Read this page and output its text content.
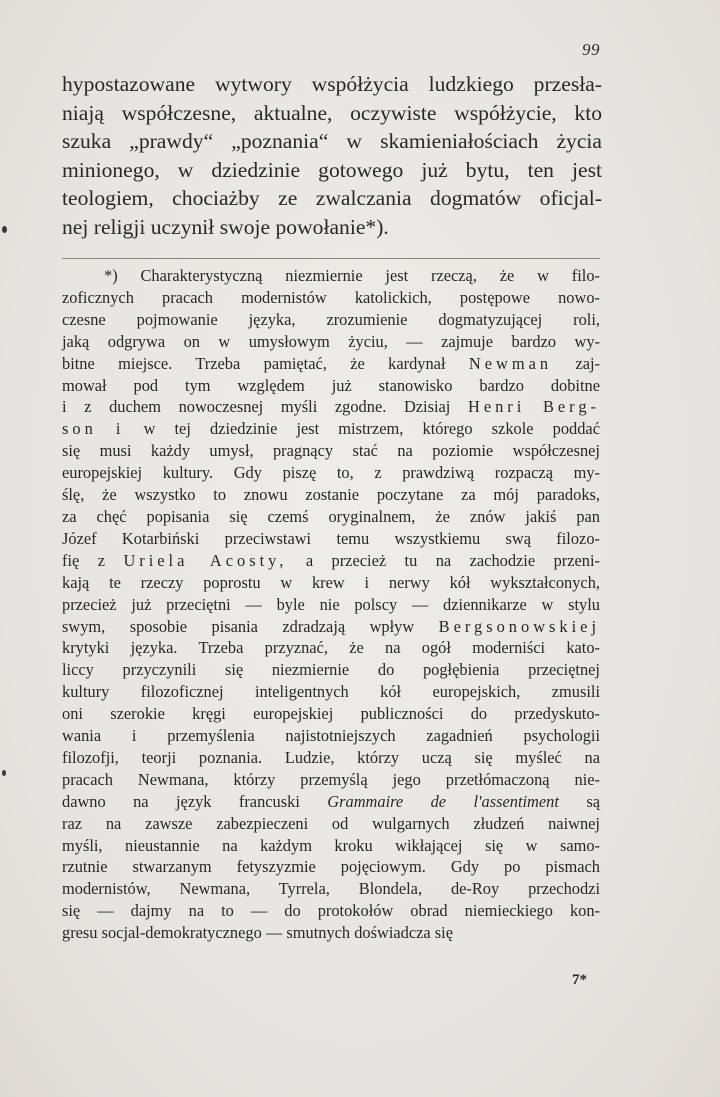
99
hypostazowane wytwory współżycia ludzkiego przesła-
niają współczesne, aktualne, oczywiste współżycie, kto
szuka „prawdy“ „poznania“ w skamieniałościach życia
minionego, w dziedzinie gotowego już bytu, ten jest
teologiem, chociażby ze zwalczania dogmatów oficjal-
nej religji uczynił swoje powołanie*).
*) Charakterystyczną niezmiernie jest rzeczą, że w filo-
zoficznych pracach modernistów katolickich, postępowe nowo-
czesne pojmowanie języka, zrozumienie dogmatyzującej roli,
jaką odgrywa on w umysłowym życiu, — zajmuje bardzo wy-
bitne miejsce. Trzeba pamiętać, że kardynał Newman zaj-
mował pod tym względem już stanowisko bardzo dobitne
i z duchem nowoczesnej myśli zgodne. Dzisiaj Henri Berg-
son i w tej dziedzinie jest mistrzem, którego szkole poddać
się musi każdy umysł, pragnący stać na poziomie współczesnej
europejskiej kultury. Gdy piszę to, z prawdziwą rozpaczą my-
ślę, że wszystko to znowu zostanie poczytane za mój paradoks,
za chęć popisania się czemś oryginalnem, że znów jakiś pan
Józef Kotarbiński przeciwstawi temu wszystkiemu swą filozo-
fię z Uriela Acosty, a przecież tu na zachodzie przeni-
kają te rzeczy poprostu w krew i nerwy kół wykształconych,
przecież już przeciętni — byle nie polscy — dziennikarze w stylu
swym, sposobie pisania zdradzają wpływ Bergsonowskiej
krytyki języka. Trzeba przyznać, że na ogół moderniści kato-
liccy przyczynili się niezmiernie do pogłębienia przeciętnej
kultury filozoficznej inteligentnych kół europejskich, zmusili
oni szerokie kręgi europejskiej publiczności do przedyskuto-
wania i przemyślenia najistotniejszych zagadnień psychologii
filozofji, teorji poznania. Ludzie, którzy uczą się myśleć na
pracach Newmana, którzy przemyślą jego przetłómaczoną nie-
dawno na język francuski Grammaire de l'assentiment są
raz na zawsze zabezpieczeni od wulgarnych złudzeń naiwnej
myśli, nieustannie na każdym kroku wikłającej się w samo-
rzutnie stwarzanym fetyszyzmie pojęciowym. Gdy po pismach
modernistów, Newmana, Tyrrela, Blondela, de-Roy przechodzi
się — dajmy na to — do protokołów obrad niemieckiego kon-
gresu socjal-demokratycznego — smutnych doświadcza się
7*
